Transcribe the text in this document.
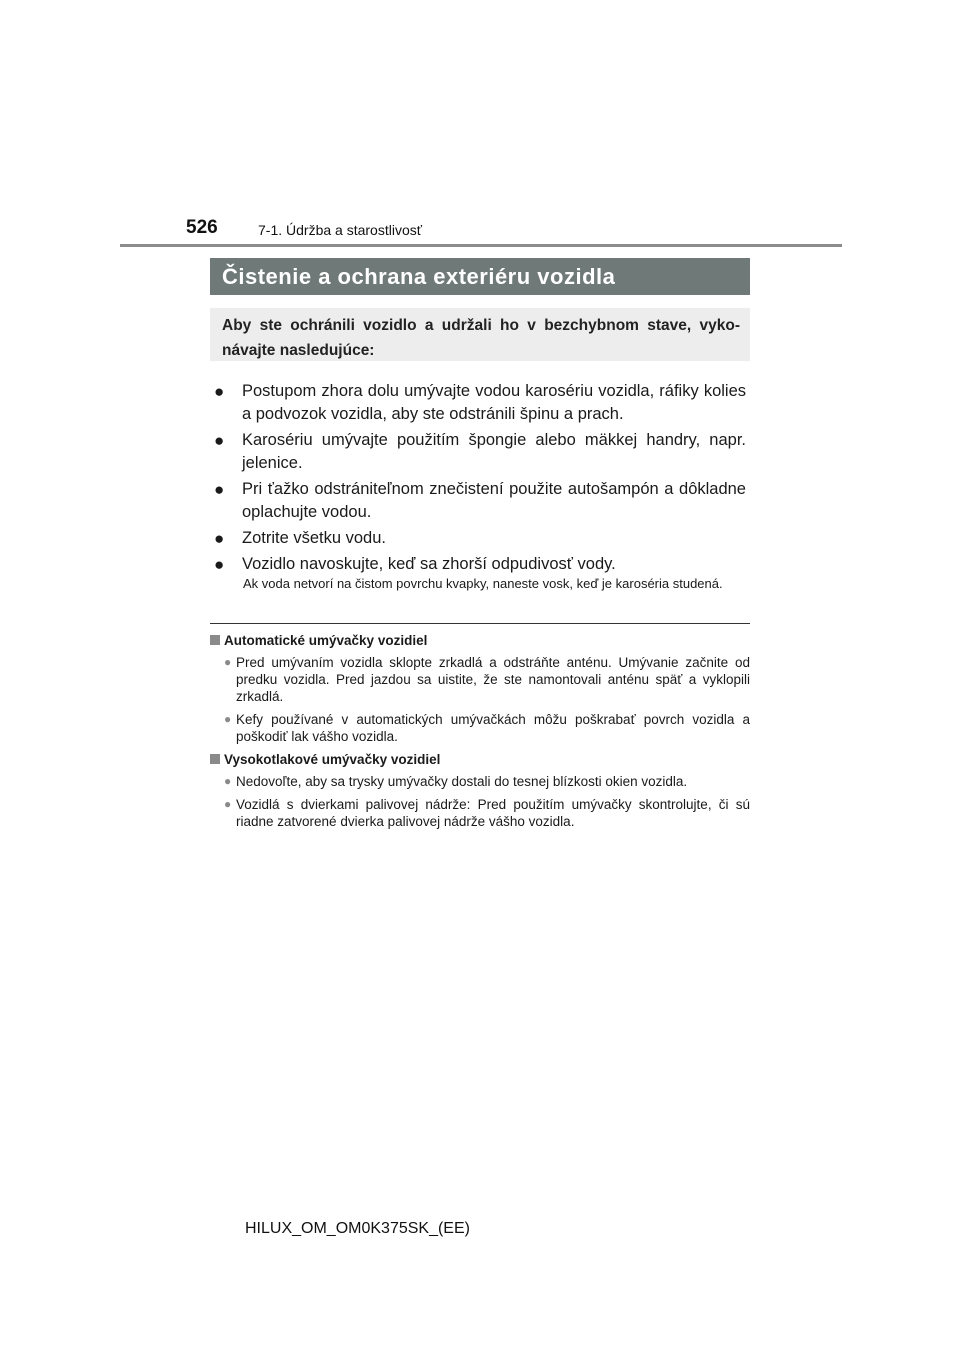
526	7-1. Údržba a starostlivosť
Čistenie a ochrana exteriéru vozidla
Aby ste ochránili vozidlo a udržali ho v bezchybnom stave, vyko-návajte nasledujúce:
● Postupom zhora dolu umývajte vodou karosériu vozidla, ráfiky kolies a podvozok vozidla, aby ste odstránili špinu a prach.
● Karosériu umývajte použitím špongie alebo mäkkej handry, napr. jelenice.
● Pri ťažko odstrániteľnom znečistení použite autošampón a dôkladne oplachujte vodou.
● Zotrite všetku vodu.
● Vozidlo navoskujte, keď sa zhorší odpudivosť vody.
Ak voda netvorí na čistom povrchu kvapky, naneste vosk, keď je karoséria studená.
Automatické umývačky vozidiel
● Pred umývaním vozidla sklopte zrkadlá a odstráňte anténu. Umývanie začnite od predku vozidla. Pred jazdou sa uistite, že ste namontovali anténu späť a vyklopili zrkadlá.
● Kefy používané v automatických umývačkách môžu poškrabať povrch vozidla a poškodiť lak vášho vozidla.
Vysokotlakové umývačky vozidiel
● Nedovoľte, aby sa trysky umývačky dostali do tesnej blízkosti okien vozidla.
● Vozidlá s dvierkami palivovej nádrže: Pred použitím umývačky skontrolujte, či sú riadne zatvorené dvierka palivovej nádrže vášho vozidla.
HILUX_OM_OM0K375SK_(EE)
